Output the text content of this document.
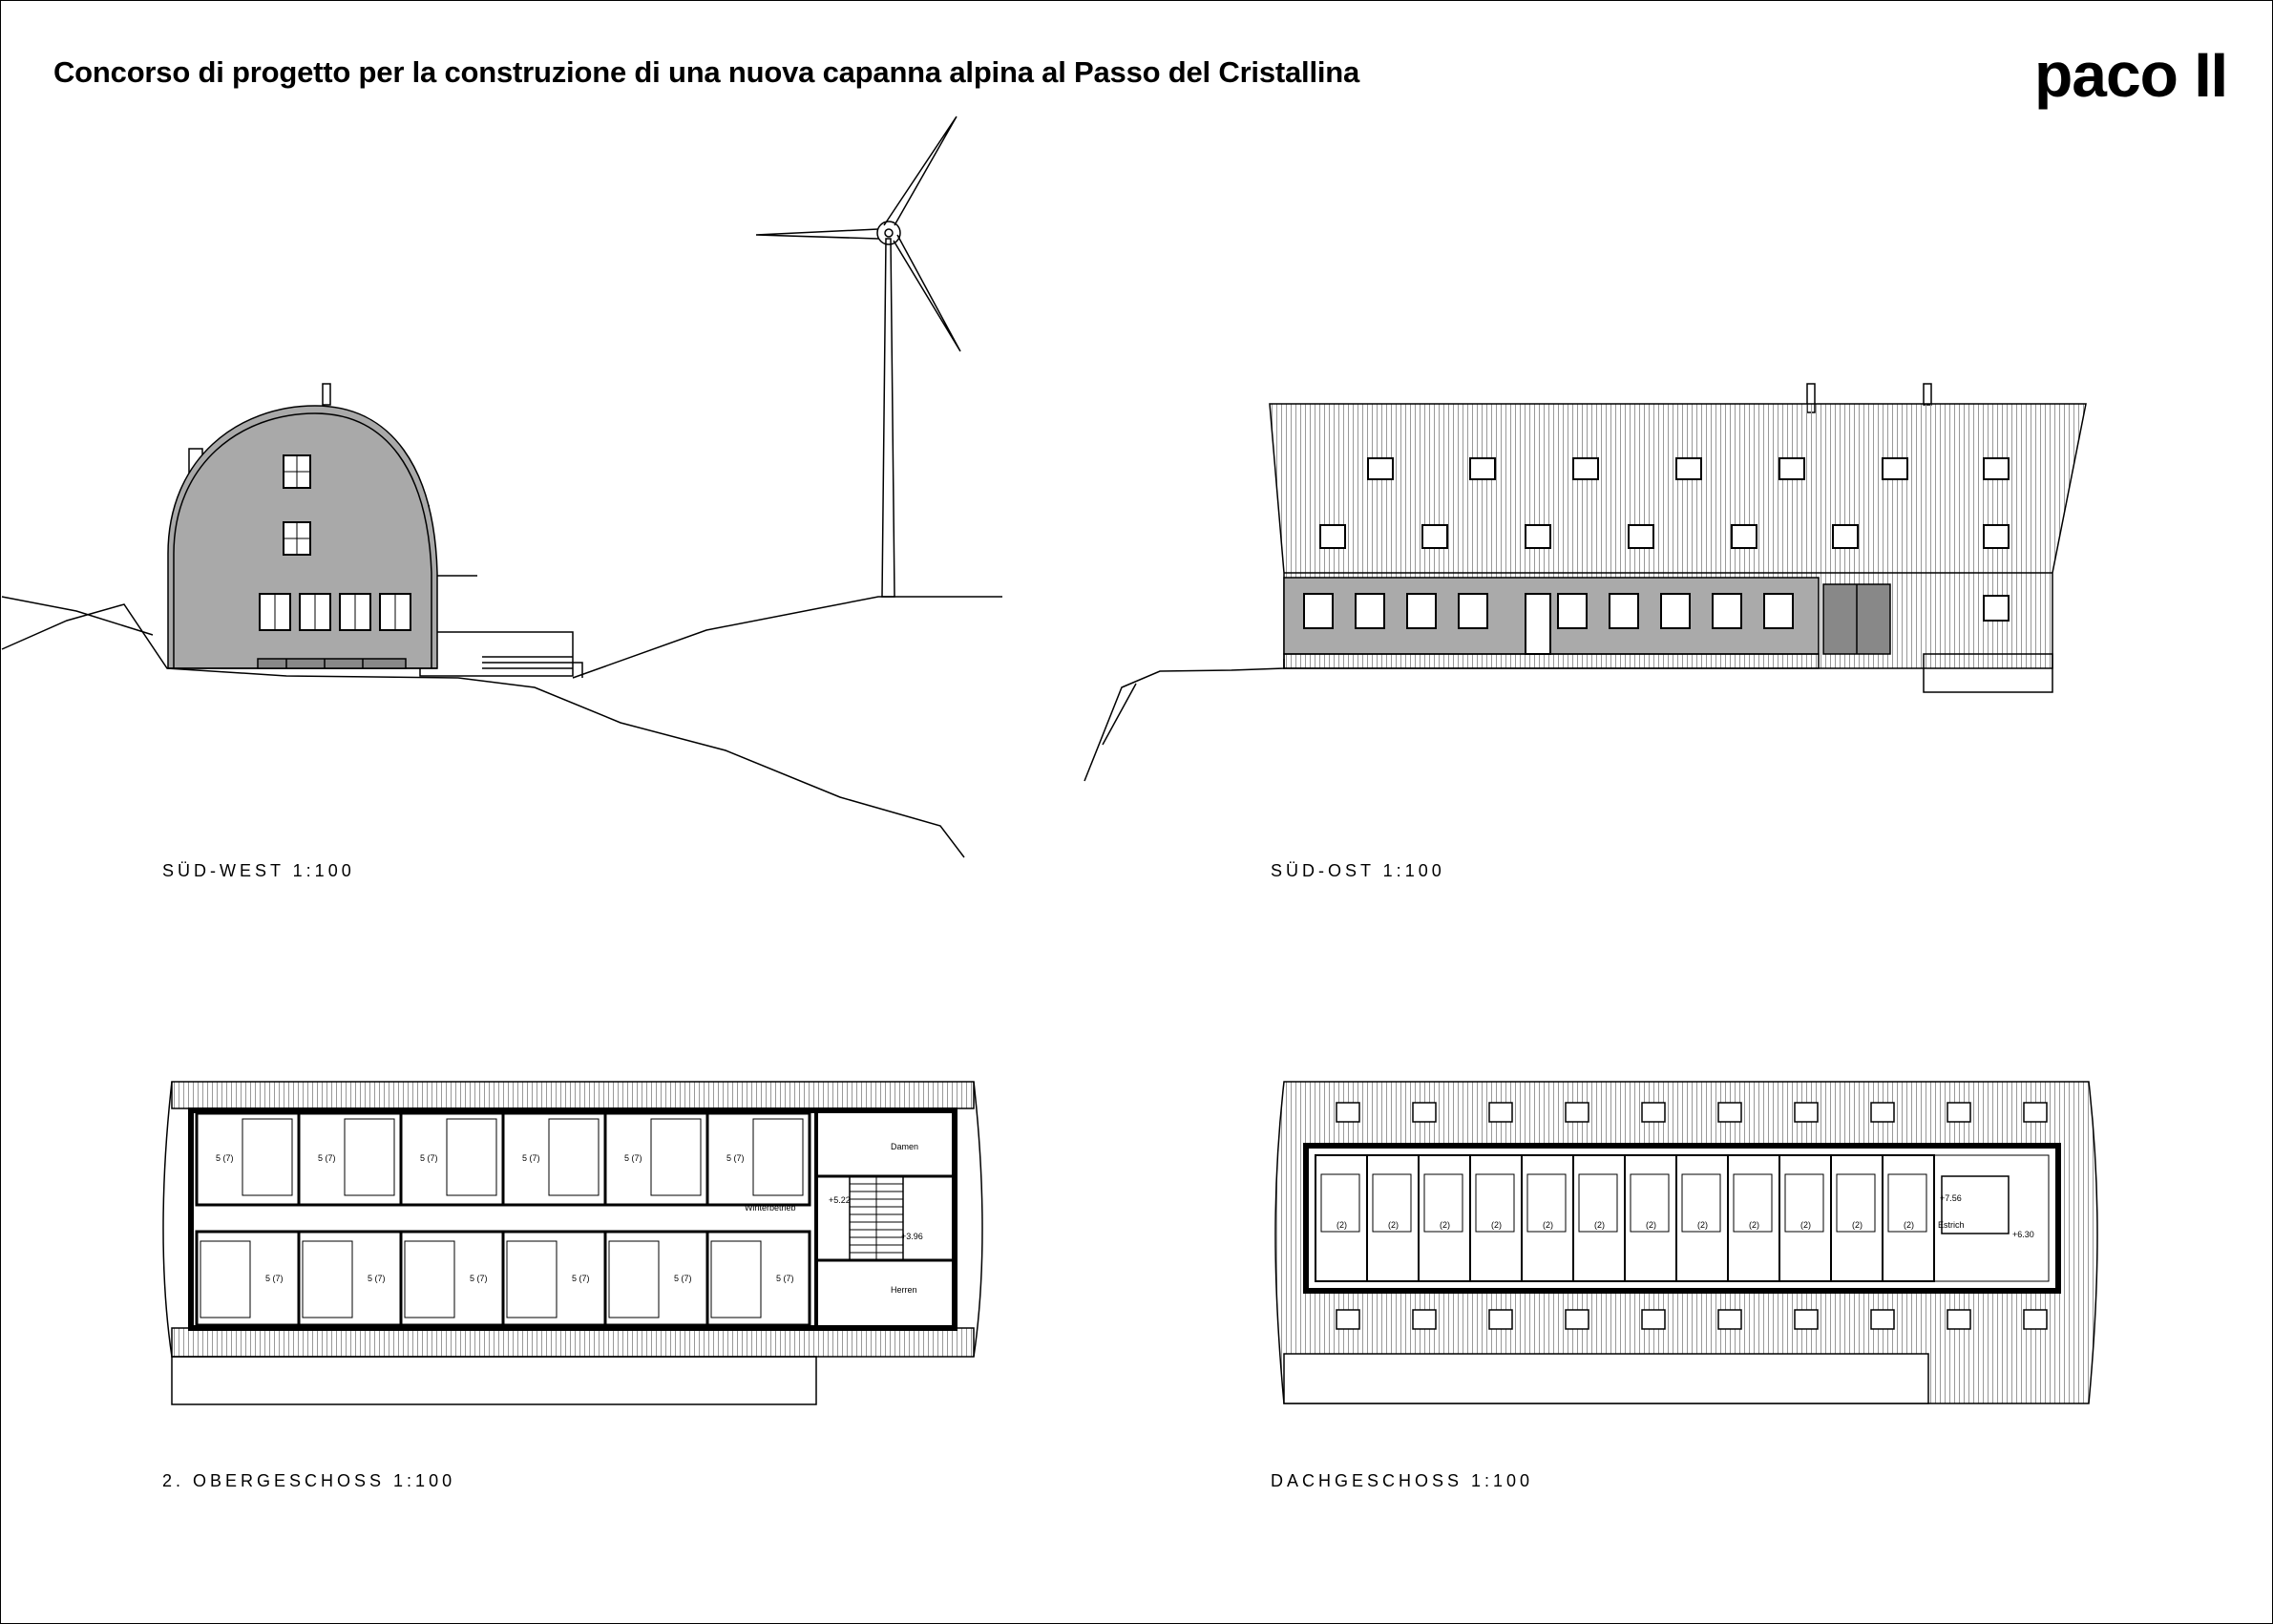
Concorso di progetto per la construzione di una nuova capanna alpina al Passo del Cristallina	paco II
5 (7)	5 (7)	5 (7)	5 (7)	5 (7)	5 (7)
5 (7)	5 (7)	5 (7)	5 (7)	5 (7)	5 (7)
Winterbetrieb
Damen
Herren
+5.22
+3.96
(2)	(2)	(2)	(2)	(2)	(2)	(2)	(2)	(2)	(2)	(2)	(2)	Estrich
+7.56
+6.30
SÜD-WEST 1:100	SÜD-OST 1:100
2. OBERGESCHOSS 1:100	DACHGESCHOSS 1:100
